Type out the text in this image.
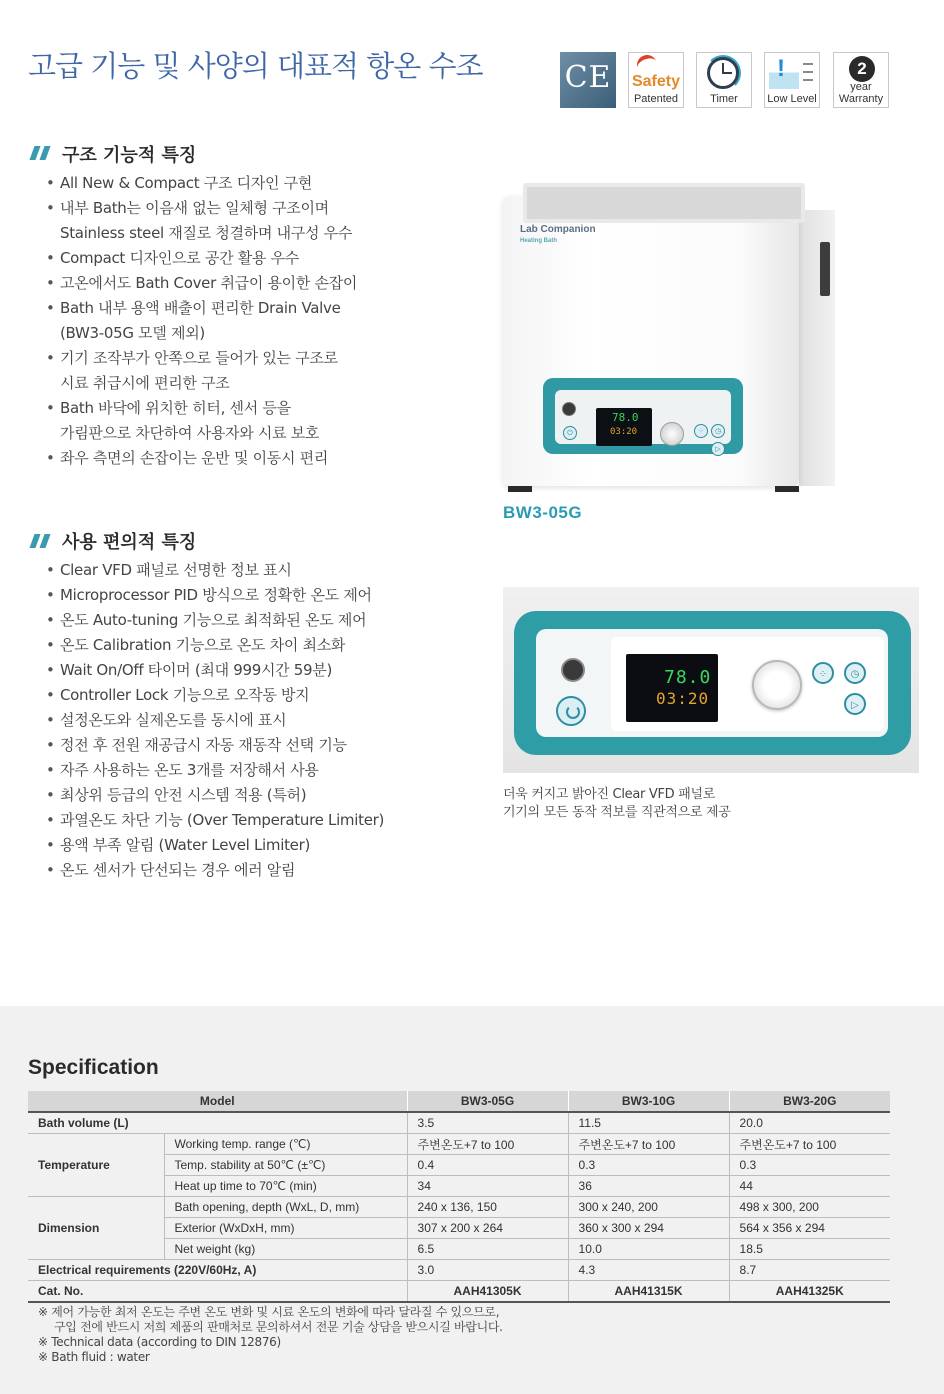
고급 기능 및 사양의 대표적 항온 수조	CE Safety
Patented	Timer
!
Low Level
2
year
Warranty
구조 기능적 특징
• All New & Compact 구조 디자인 구현
• 내부 Bath는 이음새 없는 일체형 구조이며
Stainless steel 재질로 청결하며 내구성 우수
• Compact 디자인으로 공간 활용 우수
• 고온에서도 Bath Cover 취급이 용이한 손잡이
• Bath 내부 용액 배출이 편리한 Drain Valve
(BW3-05G 모델 제외)
• 기기 조작부가 안쪽으로 들어가 있는 구조로
시료 취급시에 편리한 구조
• Bath 바닥에 위치한 히터, 센서 등을
가림판으로 차단하여 사용자와 시료 보호
• 좌우 측면의 손잡이는 운반 및 이동시 편리
사용 편의적 특징
• Clear VFD 패널로 선명한 정보 표시
• Microprocessor PID 방식으로 정확한 온도 제어
• 온도 Auto-tuning 기능으로 최적화된 온도 제어
• 온도 Calibration 기능으로 온도 차이 최소화
• Wait On/Off 타이머 (최대 999시간 59분)
• Controller Lock 기능으로 오작동 방지
• 설정온도와 실제온도를 동시에 표시
• 정전 후 전원 재공급시 자동 재동작 선택 기능
• 자주 사용하는 온도 3개를 저장해서 사용
• 최상위 등급의 안전 시스템 적용 (특허)
• 과열온도 차단 기능 (Over Temperature Limiter)
• 용액 부족 알림 (Water Level Limiter)
• 온도 센서가 단선되는 경우 에러 알림
Lab Companion
Heating Bath
78.0
03:20
⏻	⁘	◷
▷
BW3-05G
78.0
03:20
⁘	◷
▷
더욱 커지고 밝아진 Clear VFD 패널로
기기의 모든 동작 적보를 직관적으로 제공
Specification
Model		BW3-05G	BW3-10G	BW3-20G
Bath volume (L)		3.5	11.5	20.0
Temperature	Working temp. range (℃)	주변온도+7 to 100	주변온도+7 to 100	주변온도+7 to 100
	Temp. stability at 50℃ (±℃)	0.4	0.3	0.3
	Heat up time to 70℃ (min)	34	36	44
Dimension	Bath opening, depth (WxL, D, mm)	240 x 136, 150	300 x 240, 200	498 x 300, 200
	Exterior (WxDxH, mm)	307 x 200 x 264	360 x 300 x 294	564 x 356 x 294
	Net weight (kg)	6.5	10.0	18.5
Electrical requirements (220V/60Hz, A)		3.0	4.3	8.7
Cat. No.		AAH41305K	AAH41315K	AAH41325K
※ 제어 가능한 최저 온도는 주변 온도 변화 및 시료 온도의 변화에 따라 달라질 수 있으므로,
구입 전에 반드시 저희 제품의 판매처로 문의하셔서 전문 기술 상담을 받으시길 바랍니다.
※ Technical data (according to DIN 12876)
※ Bath fluid : water
